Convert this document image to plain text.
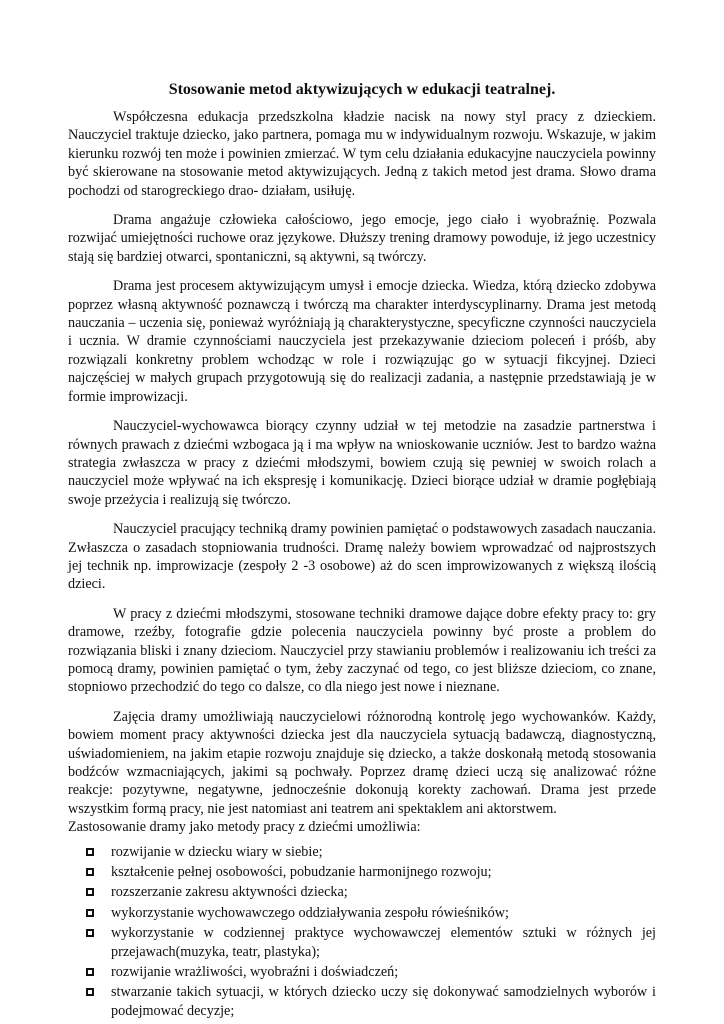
Stosowanie metod aktywizujących w edukacji teatralnej.

Współczesna edukacja przedszkolna kładzie nacisk na nowy styl pracy z dzieckiem. Nauczyciel traktuje dziecko, jako partnera, pomaga mu w indywidualnym rozwoju. Wskazuje, w jakim kierunku rozwój ten może i powinien zmierzać. W tym celu działania edukacyjne nauczyciela powinny być skierowane na stosowanie metod aktywizujących. Jedną z takich metod jest drama. Słowo drama pochodzi od starogreckiego drao- działam, usiłuję.

Drama angażuje człowieka całościowo, jego emocje, jego ciało i wyobraźnię. Pozwala rozwijać umiejętności ruchowe oraz językowe. Dłuższy trening dramowy powoduje, iż jego uczestnicy stają się bardziej otwarci, spontaniczni, są aktywni, są twórczy.

Drama jest procesem aktywizującym umysł i emocje dziecka. Wiedza, którą dziecko zdobywa poprzez własną aktywność poznawczą i twórczą ma charakter interdyscyplinarny. Drama jest metodą nauczania – uczenia się, ponieważ wyróżniają ją charakterystyczne, specyficzne czynności nauczyciela i ucznia. W dramie czynnościami nauczyciela jest przekazywanie dzieciom poleceń i próśb, aby rozwiązali konkretny problem wchodząc w role i rozwiązując go w sytuacji fikcyjnej. Dzieci najczęściej w małych grupach przygotowują się do realizacji zadania, a następnie przedstawiają je w formie improwizacji.

Nauczyciel-wychowawca biorący czynny udział w tej metodzie na zasadzie partnerstwa i równych prawach z dziećmi wzbogaca ją i ma wpływ na wnioskowanie uczniów. Jest to bardzo ważna strategia zwłaszcza w pracy z dziećmi młodszymi, bowiem czują się pewniej w swoich rolach a nauczyciel może wpływać na ich ekspresję i komunikację. Dzieci biorące udział w dramie pogłębiają swoje przeżycia i realizują się twórczo.

Nauczyciel pracujący techniką dramy powinien pamiętać o podstawowych zasadach nauczania. Zwłaszcza o zasadach stopniowania trudności. Dramę należy bowiem wprowadzać od najprostszych jej technik np. improwizacje (zespoły 2 -3 osobowe) aż do scen improwizowanych z większą ilością dzieci.

W pracy z dziećmi młodszymi, stosowane techniki dramowe dające dobre efekty pracy to: gry dramowe, rzeźby, fotografie gdzie polecenia nauczyciela powinny być proste a problem do rozwiązania bliski i znany dzieciom. Nauczyciel przy stawianiu problemów i realizowaniu ich treści za pomocą dramy, powinien pamiętać o tym, żeby zaczynać od tego, co jest bliższe dzieciom, co znane, stopniowo przechodzić do tego co dalsze, co dla niego jest nowe i nieznane.

Zajęcia dramy umożliwiają nauczycielowi różnorodną kontrolę jego wychowanków. Każdy, bowiem moment pracy aktywności dziecka jest dla nauczyciela sytuacją badawczą, diagnostyczną, uświadomieniem, na jakim etapie rozwoju znajduje się dziecko, a także doskonałą metodą stosowania bodźców wzmacniających, jakimi są pochwały. Poprzez dramę dzieci uczą się analizować różne reakcje: pozytywne, negatywne, jednocześnie dokonują korekty zachowań. Drama jest przede wszystkim formą pracy, nie jest natomiast ani teatrem ani spektaklem ani aktorstwem.

Zastosowanie dramy jako metody pracy z dziećmi umożliwia:

rozwijanie w dziecku wiary w siebie;
kształcenie pełnej osobowości, pobudzanie harmonijnego rozwoju;
rozszerzanie zakresu aktywności dziecka;
wykorzystanie wychowawczego oddziaływania zespołu rówieśników;
wykorzystanie w codziennej praktyce wychowawczej elementów sztuki w różnych jej przejawach(muzyka, teatr, plastyka);
rozwijanie wrażliwości, wyobraźni i doświadczeń;
stwarzanie takich sytuacji, w których dziecko uczy się dokonywać samodzielnych wyborów i podejmować decyzje;
